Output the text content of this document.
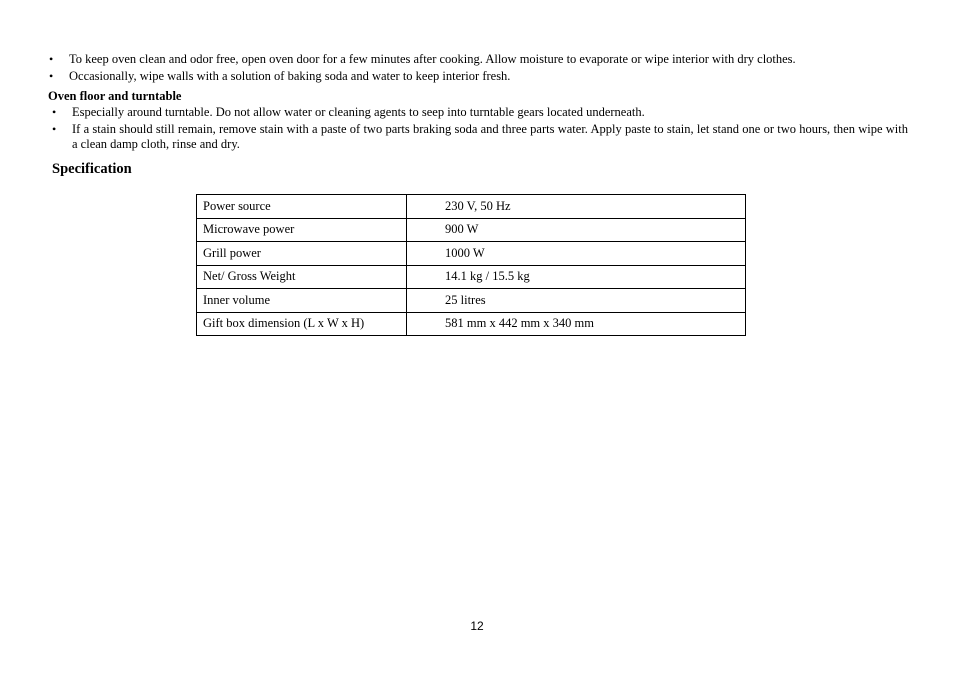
• To keep oven clean and odor free, open oven door for a few minutes after cooking. Allow moisture to evaporate or wipe interior with dry clothes.
• Occasionally, wipe walls with a solution of baking soda and water to keep interior fresh.

Oven floor and turntable

• Especially around turntable. Do not allow water or cleaning agents to seep into turntable gears located underneath.
• If a stain should still remain, remove stain with a paste of two parts braking soda and three parts water. Apply paste to stain, let stand one or two hours, then wipe with a clean damp cloth, rinse and dry.
Specification
Power source	230 V, 50 Hz
Microwave power	900 W
Grill power	1000 W
Net/ Gross Weight	14.1 kg / 15.5 kg
Inner volume	25 litres
Gift box dimension (L x W x H)	581 mm x 442 mm x 340 mm
12
